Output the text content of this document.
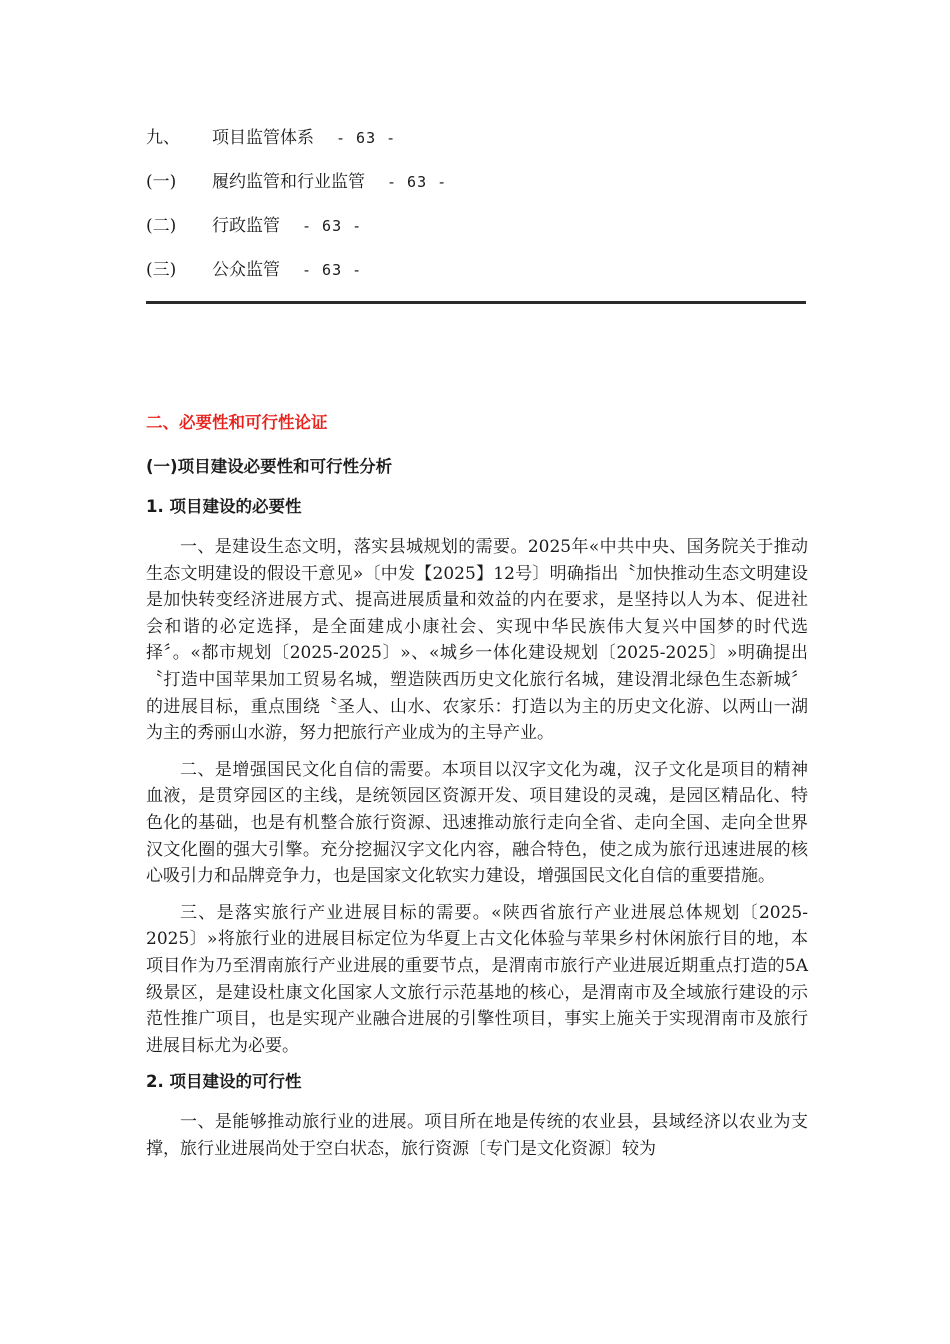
九、 项目监管体系 - 63 -
(一) 履约监管和行业监管 - 63 -
(二) 行政监管 - 63 -
(三) 公众监管 - 63 -
二、必要性和可行性论证
(一)项目建设必要性和可行性分析
1. 项目建设的必要性

一、是建设生态文明，落实县城规划的需要。2025年«中共中央、国务院关于推动生态文明建设的假设干意见»〔中发【2025】12号〕明确指出〝加快推动生态文明建设是加快转变经济进展方式、提高进展质量和效益的内在要求，是坚持以人为本、促进社会和谐的必定选择，是全面建成小康社会、实现中华民族伟大复兴中国梦的时代选择〞。«都市规划〔2025-2025〕»、«城乡一体化建设规划〔2025-2025〕»明确提出〝打造中国苹果加工贸易名城，塑造陕西历史文化旅行名城，建设渭北绿色生态新城〞的进展目标，重点围绕〝圣人、山水、农家乐：打造以为主的历史文化游、以两山一湖为主的秀丽山水游，努力把旅行产业成为的主导产业。

二、是增强国民文化自信的需要。本项目以汉字文化为魂，汉子文化是项目的精神血液，是贯穿园区的主线，是统领园区资源开发、项目建设的灵魂，是园区精品化、特色化的基础，也是有机整合旅行资源、迅速推动旅行走向全省、走向全国、走向全世界汉文化圈的强大引擎。充分挖掘汉字文化内容，融合特色，使之成为旅行迅速进展的核心吸引力和品牌竞争力，也是国家文化软实力建设，增强国民文化自信的重要措施。

三、是落实旅行产业进展目标的需要。«陕西省旅行产业进展总体规划〔2025-2025〕»将旅行业的进展目标定位为华夏上古文化体验与苹果乡村休闲旅行目的地，本项目作为乃至渭南旅行产业进展的重要节点，是渭南市旅行产业进展近期重点打造的5A级景区，是建设杜康文化国家人文旅行示范基地的核心，是渭南市及全域旅行建设的示范性推广项目，也是实现产业融合进展的引擎性项目，事实上施关于实现渭南市及旅行进展目标尤为必要。

2. 项目建设的可行性

一、是能够推动旅行业的进展。项目所在地是传统的农业县，县域经济以农业为支撑，旅行业进展尚处于空白状态，旅行资源〔专门是文化资源〕较为
